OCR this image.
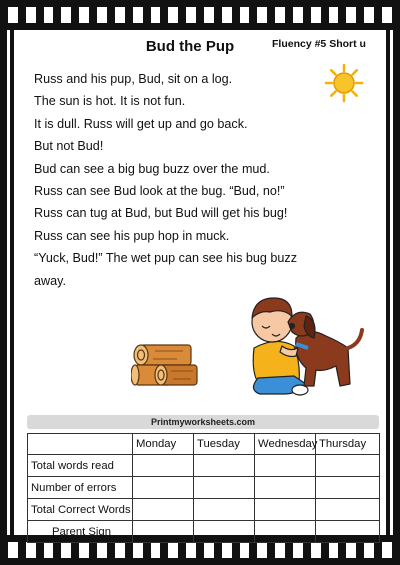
Bud the Pup	Fluency #5 Short u
Russ and his pup, Bud, sit on a log.
The sun is hot. It is not fun.
It is dull. Russ will get up and go back.
But not Bud!
Bud can see a big bug buzz over the mud.
Russ can see Bud look at the bug. “Bud, no!”
Russ can tug at Bud, but Bud will get his bug!
Russ can see his pup hop in muck.
“Yuck, Bud!” The wet pup can see his bug buzz
away.
Printmyworksheets.com
	Monday	Tuesday	Wednesday	Thursday
Total words read				
Number of errors				
Total Correct Words				
Parent Sign				
